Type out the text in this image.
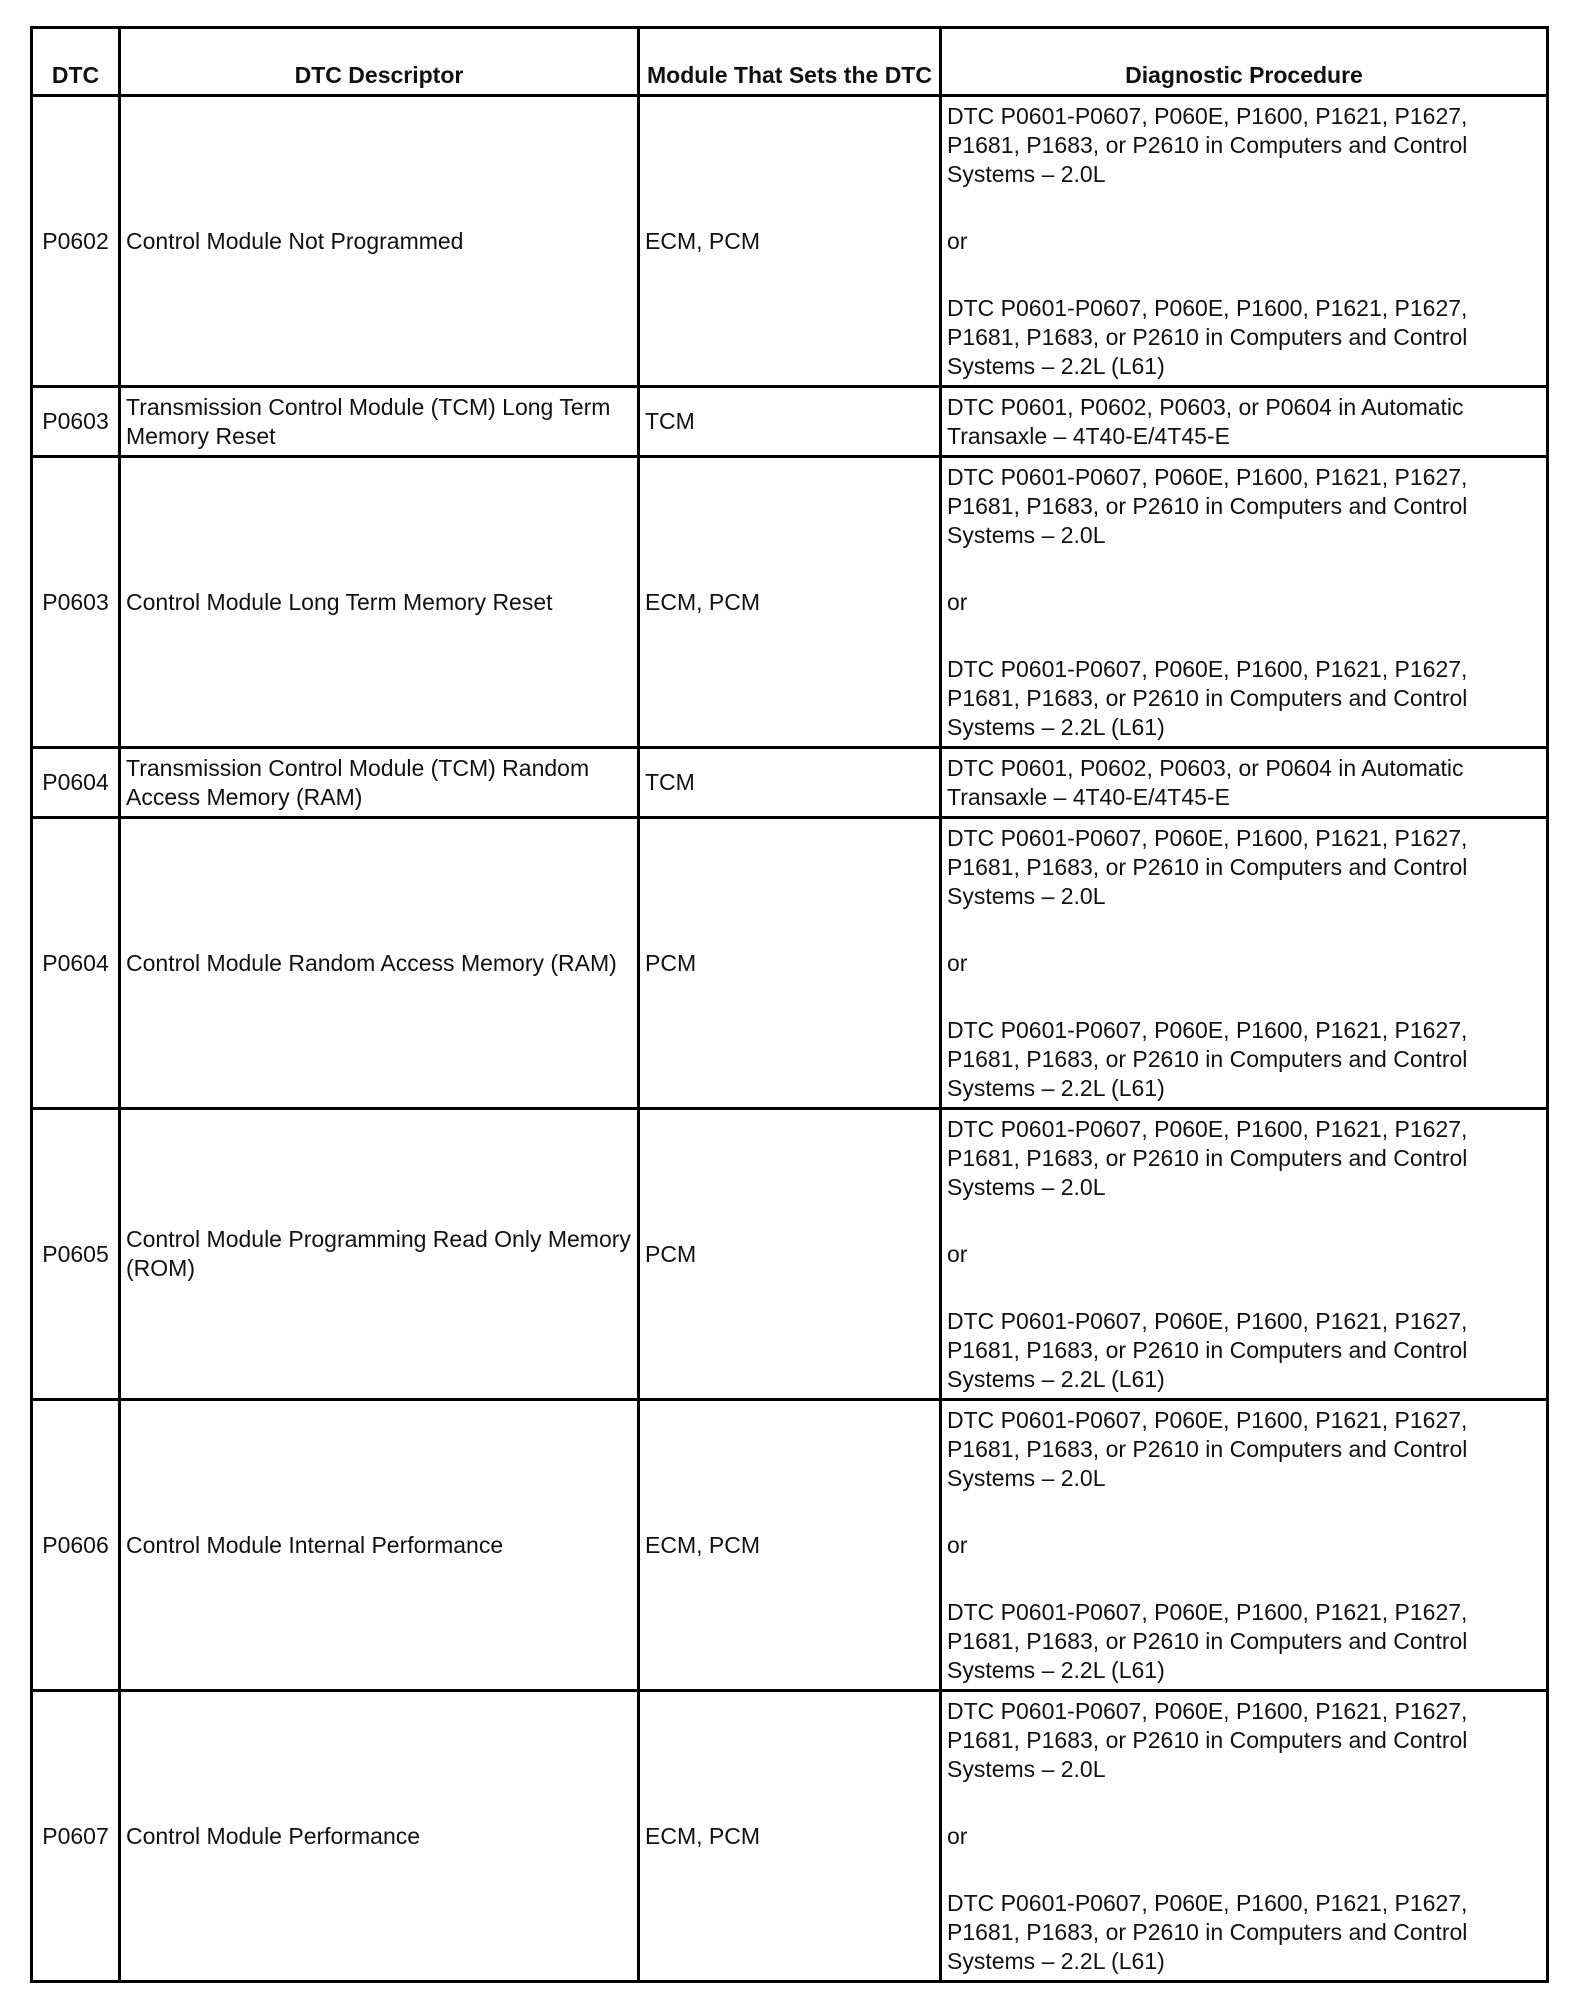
DTC	DTC Descriptor	Module That Sets the DTC	Diagnostic Procedure
P0602	Control Module Not Programmed	ECM, PCM	DTC P0601-P0607, P060E, P1600, P1621, P1627, P1681, P1683, or P2610 in Computers and Control Systems – 2.0L
or
DTC P0601-P0607, P060E, P1600, P1621, P1627, P1681, P1683, or P2610 in Computers and Control Systems – 2.2L (L61)

P0603	Transmission Control Module (TCM) Long Term Memory Reset	TCM	DTC P0601, P0602, P0603, or P0604 in Automatic Transaxle – 4T40-E/4T45-E

P0603	Control Module Long Term Memory Reset	ECM, PCM	DTC P0601-P0607, P060E, P1600, P1621, P1627, P1681, P1683, or P2610 in Computers and Control Systems – 2.0L
or
DTC P0601-P0607, P060E, P1600, P1621, P1627, P1681, P1683, or P2610 in Computers and Control Systems – 2.2L (L61)

P0604	Transmission Control Module (TCM) Random Access Memory (RAM)	TCM	DTC P0601, P0602, P0603, or P0604 in Automatic Transaxle – 4T40-E/4T45-E

P0604	Control Module Random Access Memory (RAM)	PCM	DTC P0601-P0607, P060E, P1600, P1621, P1627, P1681, P1683, or P2610 in Computers and Control Systems – 2.0L
or
DTC P0601-P0607, P060E, P1600, P1621, P1627, P1681, P1683, or P2610 in Computers and Control Systems – 2.2L (L61)

P0605	Control Module Programming Read Only Memory (ROM)	PCM	DTC P0601-P0607, P060E, P1600, P1621, P1627, P1681, P1683, or P2610 in Computers and Control Systems – 2.0L
or
DTC P0601-P0607, P060E, P1600, P1621, P1627, P1681, P1683, or P2610 in Computers and Control Systems – 2.2L (L61)

P0606	Control Module Internal Performance	ECM, PCM	DTC P0601-P0607, P060E, P1600, P1621, P1627, P1681, P1683, or P2610 in Computers and Control Systems – 2.0L
or
DTC P0601-P0607, P060E, P1600, P1621, P1627, P1681, P1683, or P2610 in Computers and Control Systems – 2.2L (L61)

P0607	Control Module Performance	ECM, PCM	DTC P0601-P0607, P060E, P1600, P1621, P1627, P1681, P1683, or P2610 in Computers and Control Systems – 2.0L
or
DTC P0601-P0607, P060E, P1600, P1621, P1627, P1681, P1683, or P2610 in Computers and Control Systems – 2.2L (L61)
